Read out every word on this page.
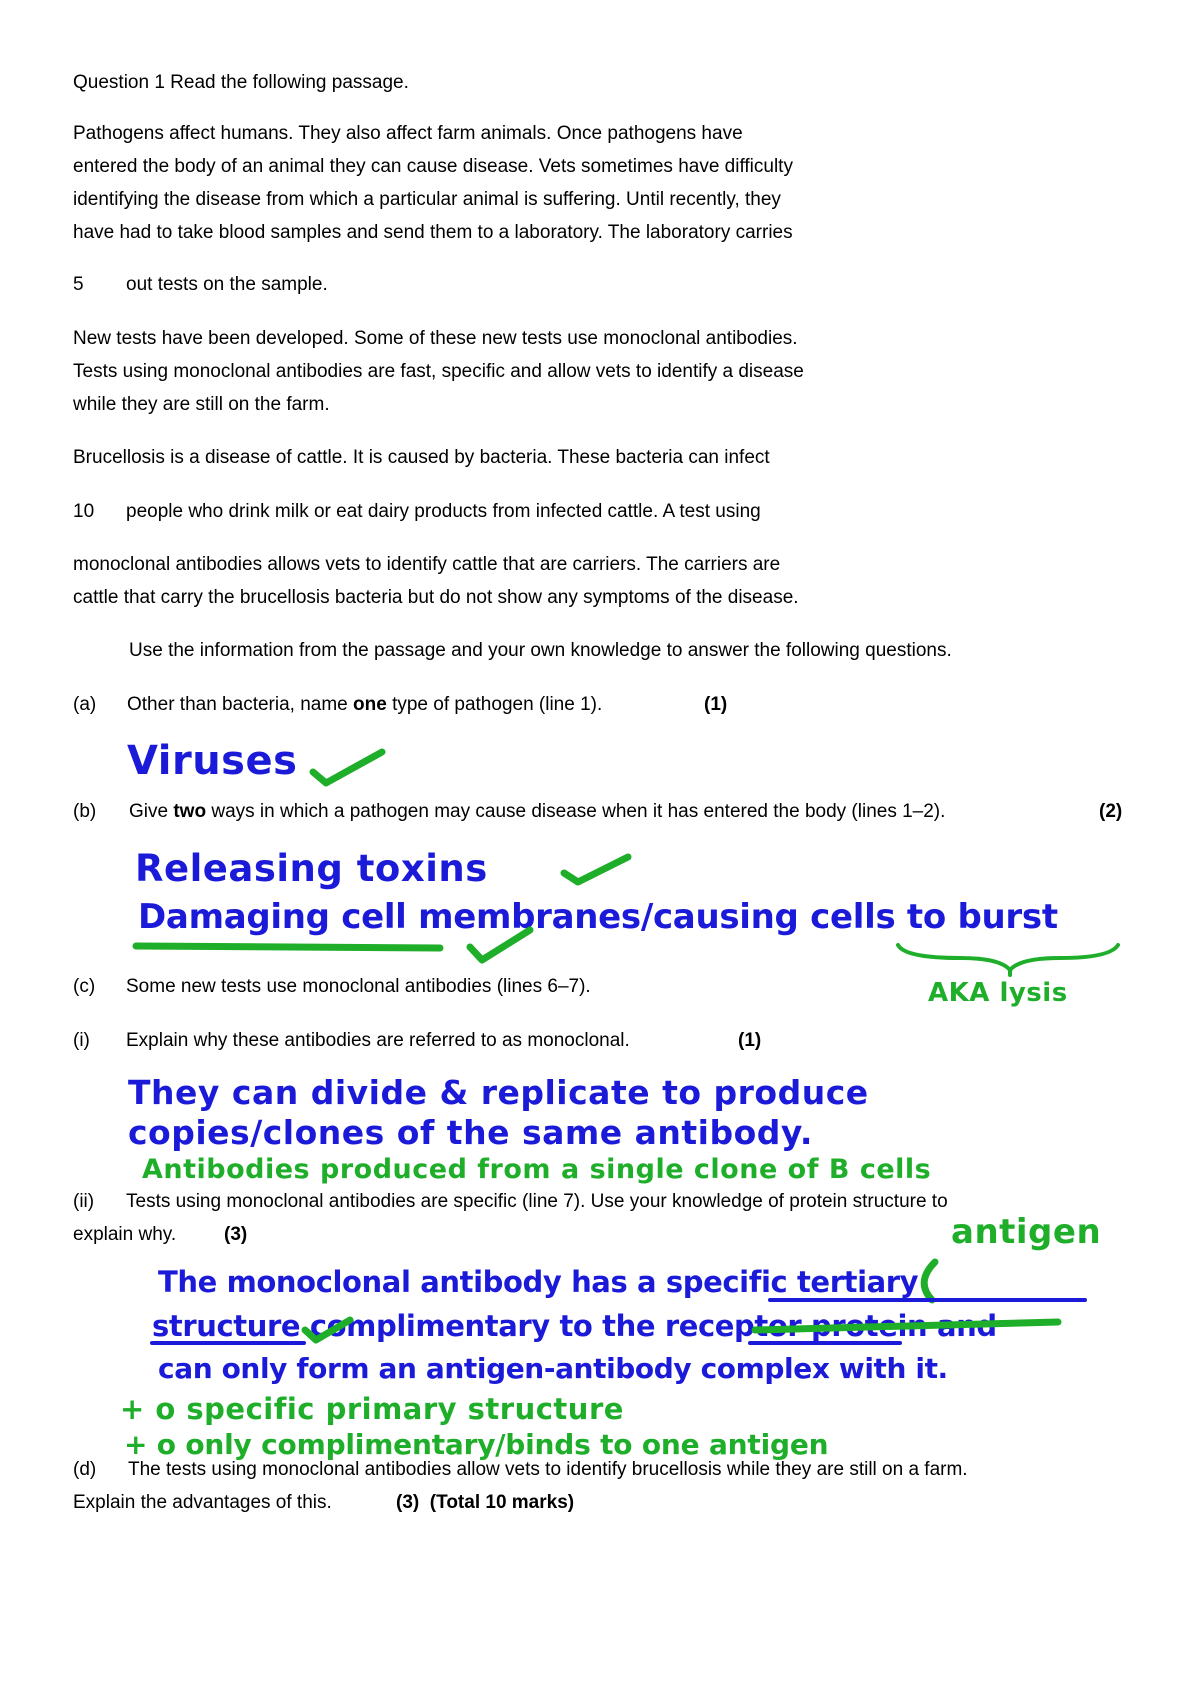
Question 1 Read the following passage.
Pathogens affect humans. They also affect farm animals. Once pathogens have
entered the body of an animal they can cause disease. Vets sometimes have difficulty
identifying the disease from which a particular animal is suffering. Until recently, they
have had to take blood samples and send them to a laboratory. The laboratory carries
5 out tests on the sample.
New tests have been developed. Some of these new tests use monoclonal antibodies.
Tests using monoclonal antibodies are fast, specific and allow vets to identify a disease
while they are still on the farm.
Brucellosis is a disease of cattle. It is caused by bacteria. These bacteria can infect
10 people who drink milk or eat dairy products from infected cattle. A test using
monoclonal antibodies allows vets to identify cattle that are carriers. The carriers are
cattle that carry the brucellosis bacteria but do not show any symptoms of the disease.
Use the information from the passage and your own knowledge to answer the following questions.
(a) Other than bacteria, name one type of pathogen (line 1).	(1)
(b) Give two ways in which a pathogen may cause disease when it has entered the body (lines 1–2).	(2)
(c) Some new tests use monoclonal antibodies (lines 6–7).
(i) Explain why these antibodies are referred to as monoclonal.	(1)
(ii) Tests using monoclonal antibodies are specific (line 7). Use your knowledge of protein structure to
explain why.	(3)
(d) The tests using monoclonal antibodies allow vets to identify brucellosis while they are still on a farm.
Explain the advantages of this.	(3) (Total 10 marks)
Viruses
Releasing toxins
Damaging cell membranes/causing cells to burst
AKA lysis
They can divide & replicate to produce
copies/clones of the same antibody.
Antibodies produced from a single clone of B cells
antigen
The monoclonal antibody has a specific tertiary
structure complimentary to the receptor protein and
can only form an antigen-antibody complex with it.
+ o specific primary structure
+ o only complimentary/binds to one antigen
